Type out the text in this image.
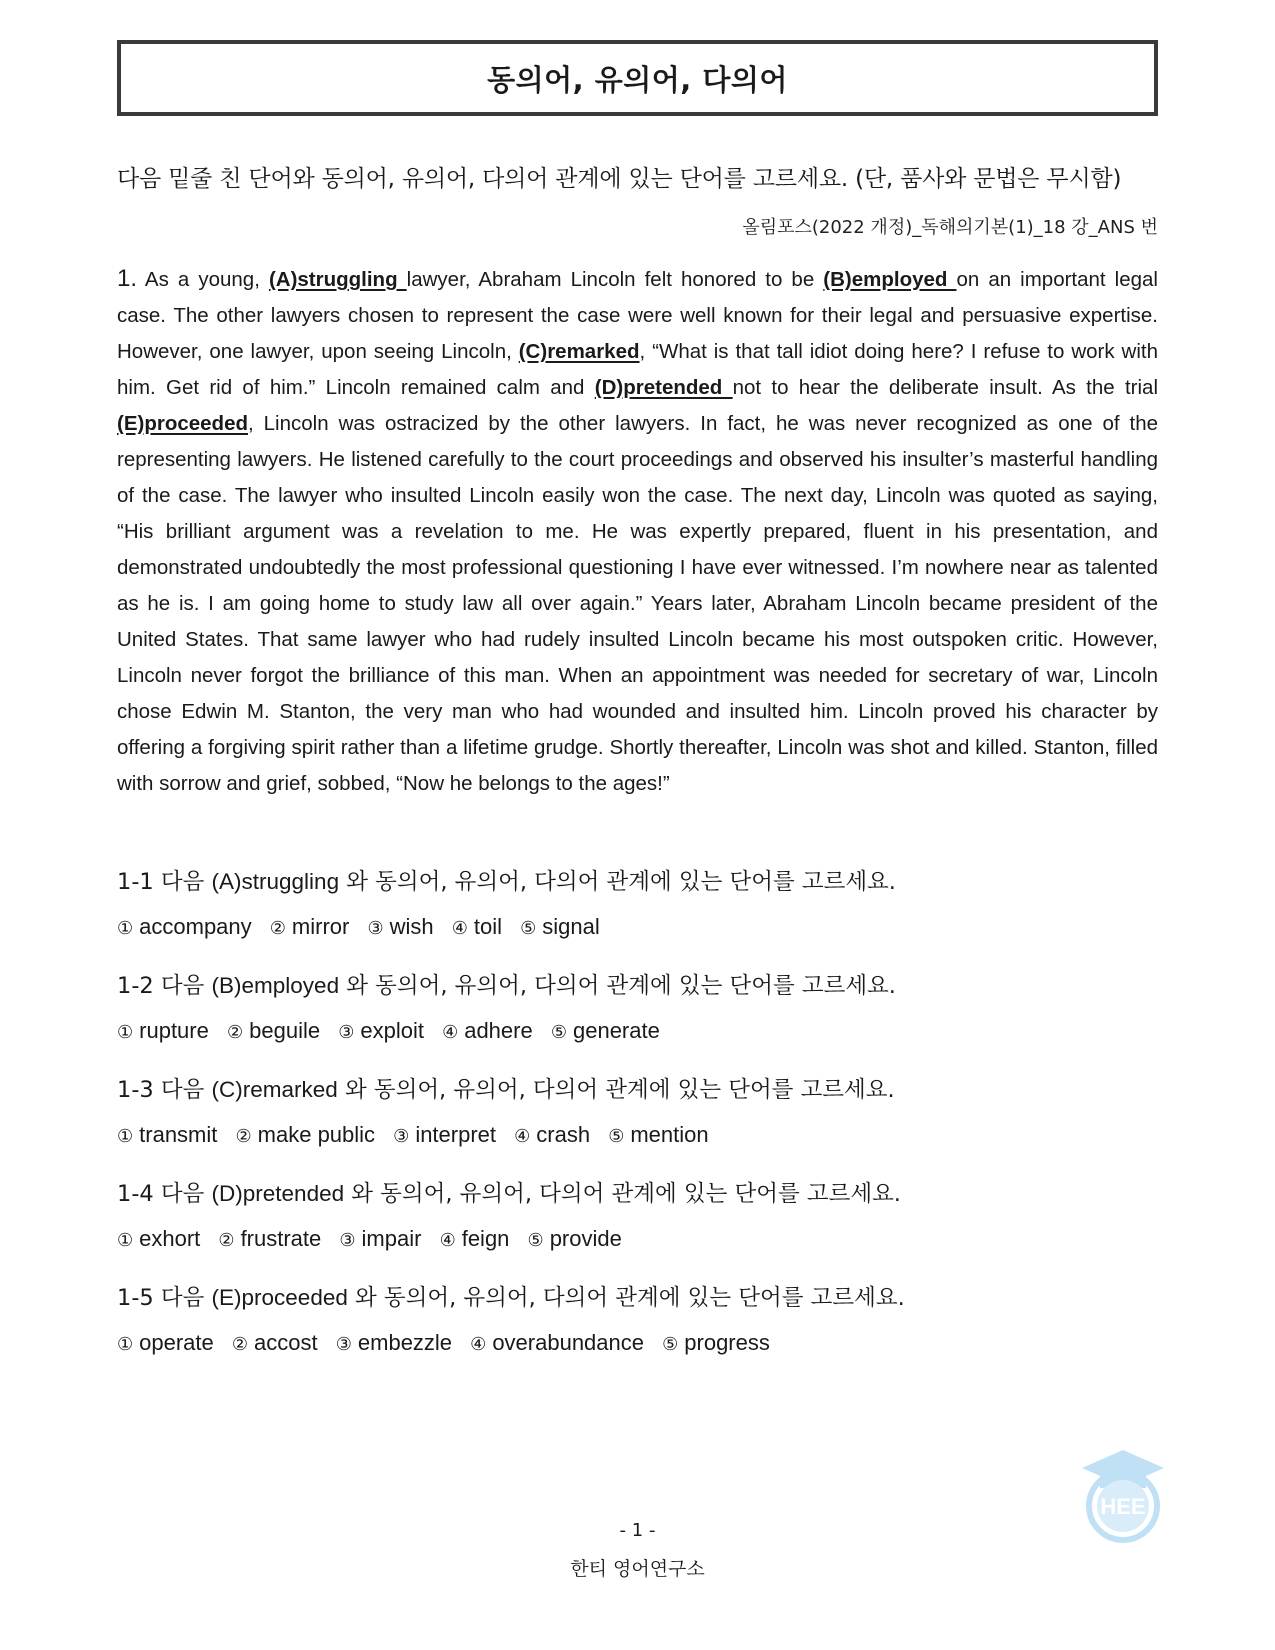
동의어, 유의어, 다의어
다음 밑줄 친 단어와 동의어, 유의어, 다의어 관계에 있는 단어를 고르세요. (단, 품사와 문법은 무시함)
올림포스(2022 개정)_독해의기본(1)_18 강_ANS 번
1. As a young, (A)struggling lawyer, Abraham Lincoln felt honored to be (B)employed on an important legal case. The other lawyers chosen to represent the case were well known for their legal and persuasive expertise. However, one lawyer, upon seeing Lincoln, (C)remarked, “What is that tall idiot doing here? I refuse to work with him. Get rid of him.” Lincoln remained calm and (D)pretended not to hear the deliberate insult. As the trial (E)proceeded, Lincoln was ostracized by the other lawyers. In fact, he was never recognized as one of the representing lawyers. He listened carefully to the court proceedings and observed his insulter’s masterful handling of the case. The lawyer who insulted Lincoln easily won the case. The next day, Lincoln was quoted as saying, “His brilliant argument was a revelation to me. He was expertly prepared, fluent in his presentation, and demonstrated undoubtedly the most professional questioning I have ever witnessed. I’m nowhere near as talented as he is. I am going home to study law all over again.” Years later, Abraham Lincoln became president of the United States. That same lawyer who had rudely insulted Lincoln became his most outspoken critic. However, Lincoln never forgot the brilliance of this man. When an appointment was needed for secretary of war, Lincoln chose Edwin M. Stanton, the very man who had wounded and insulted him. Lincoln proved his character by offering a forgiving spirit rather than a lifetime grudge. Shortly thereafter, Lincoln was shot and killed. Stanton, filled with sorrow and grief, sobbed, “Now he belongs to the ages!”
1-1 다음 (A)struggling 와 동의어, 유의어, 다의어 관계에 있는 단어를 고르세요.
① accompany ② mirror ③ wish ④ toil ⑤ signal
1-2 다음 (B)employed 와 동의어, 유의어, 다의어 관계에 있는 단어를 고르세요.
① rupture ② beguile ③ exploit ④ adhere ⑤ generate
1-3 다음 (C)remarked 와 동의어, 유의어, 다의어 관계에 있는 단어를 고르세요.
① transmit ② make public ③ interpret ④ crash ⑤ mention
1-4 다음 (D)pretended 와 동의어, 유의어, 다의어 관계에 있는 단어를 고르세요.
① exhort ② frustrate ③ impair ④ feign ⑤ provide
1-5 다음 (E)proceeded 와 동의어, 유의어, 다의어 관계에 있는 단어를 고르세요.
① operate ② accost ③ embezzle ④ overabundance ⑤ progress
HEE
- 1 -
한티 영어연구소
